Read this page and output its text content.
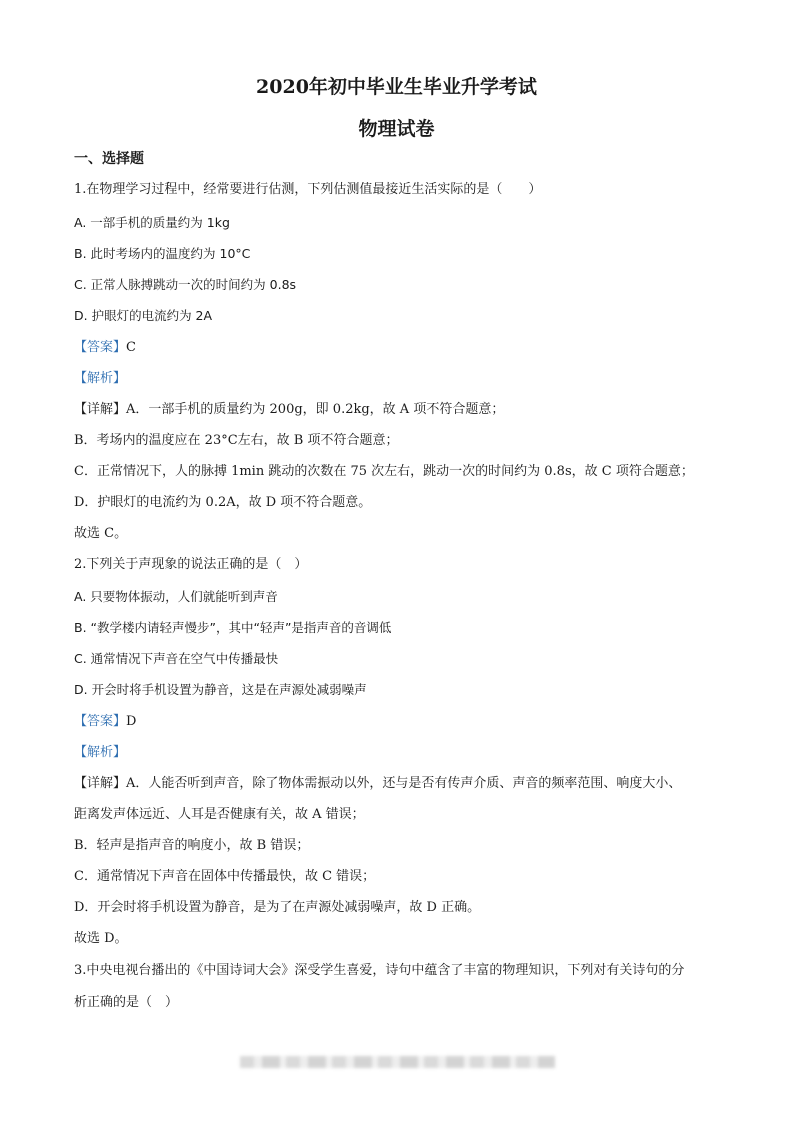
2020年初中毕业生毕业升学考试
物理试卷
一、选择题
1.在物理学习过程中，经常要进行估测，下列估测值最接近生活实际的是（　　）
A. 一部手机的质量约为 1kg
B. 此时考场内的温度约为 10°C
C. 正常人脉搏跳动一次的时间约为 0.8s
D. 护眼灯的电流约为 2A
【答案】C
【解析】
【详解】A．一部手机的质量约为 200g，即 0.2kg，故 A 项不符合题意；
B．考场内的温度应在 23°C左右，故 B 项不符合题意；
C．正常情况下，人的脉搏 1min 跳动的次数在 75 次左右，跳动一次的时间约为 0.8s，故 C 项符合题意；
D．护眼灯的电流约为 0.2A，故 D 项不符合题意。
故选 C。
2.下列关于声现象的说法正确的是（　）
A. 只要物体振动，人们就能听到声音
B. “教学楼内请轻声慢步”，其中“轻声”是指声音的音调低
C. 通常情况下声音在空气中传播最快
D. 开会时将手机设置为静音，这是在声源处减弱噪声
【答案】D
【解析】
【详解】A．人能否听到声音，除了物体需振动以外，还与是否有传声介质、声音的频率范围、响度大小、
距离发声体远近、人耳是否健康有关，故 A 错误；
B．轻声是指声音的响度小，故 B 错误；
C．通常情况下声音在固体中传播最快，故 C 错误；
D．开会时将手机设置为静音，是为了在声源处减弱噪声，故 D 正确。
故选 D。
3.中央电视台播出的《中国诗词大会》深受学生喜爱，诗句中蕴含了丰富的物理知识，下列对有关诗句的分
析正确的是（　）
